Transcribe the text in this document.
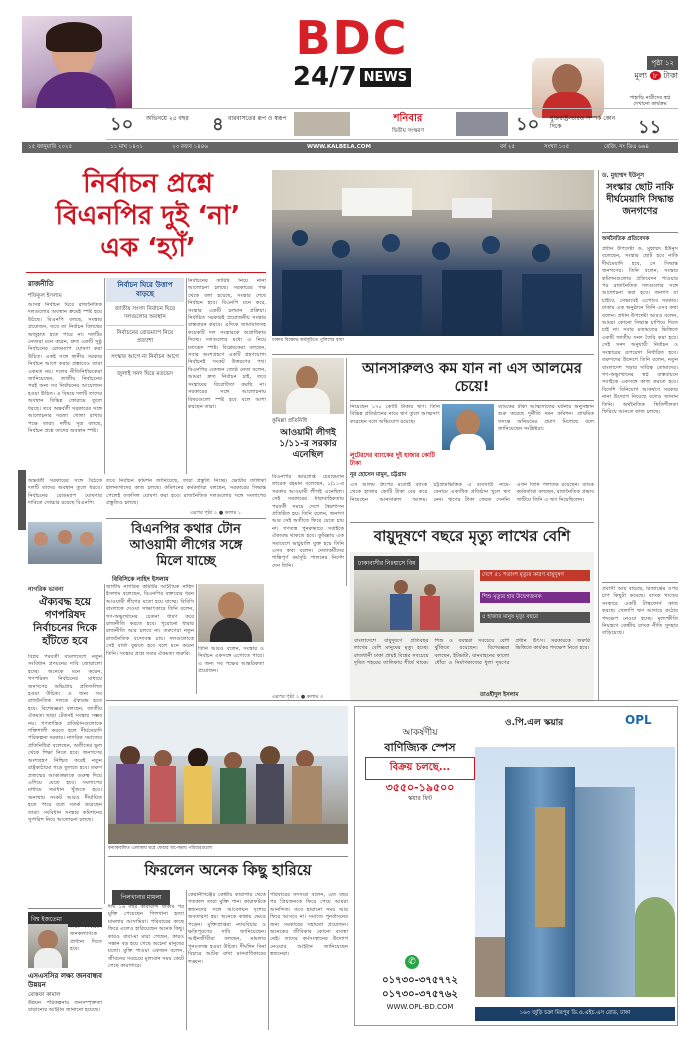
BDC
24/7 NEWS
পৃষ্ঠা ১২
মূল্য ৮ টাকা
১০ অভিনয়ে ২৫ বছর	৪ বারবাসতের রূপ ও স্বরূপ	শনিবার
দ্বিতীয় সংস্করণ	১০ যুক্তরাষ্ট্র-ভারত সম্পর্ক কোন দিকে
পাহাড়ি নারীদের স্বপ্ন দেখানো কার্যক্রম
১১
১৫ জানুয়ারি ২০২৫	১১ মাঘ ১৪৩১	২৩ রজব ১৪৪৬	WWW.KALBELA.COM	বর্ষ ২৫	সংখ্যা ১০৫	রেজি. নং ডিএ ৬৬৪
নির্বাচন প্রশ্নে
বিএনপির দুই ‘না’
এক ‘হ্যাঁ’
রাজনীতি
শফিকুল ইসলাম
আসন্ন নির্বাচন ঘিরে রাজনৈতিক দলগুলোর অবস্থান ক্রমেই স্পষ্ট হয়ে উঠছে। বিএনপি বলছে, সংস্কার প্রয়োজন, তবে তা নির্বাচন বিলম্বের অজুহাত হতে পারে না। দলটির নেতারা মনে করেন, দ্রুত একটি সুষ্ঠু নির্বাচনের রোডম্যাপ ঘোষণা করা উচিত। একই সঙ্গে স্থানীয় সরকার নির্বাচন আগে করার প্রস্তাবেও তারা একমত নয়। দলের নীতিনির্ধারকেরা জানিয়েছেন, জাতীয় নির্বাচনের পরই অন্য সব নির্বাচনের আয়োজন হওয়া উচিত। এ বিষয়ে দলটি তাদের অবস্থান বিভিন্ন ফোরামে তুলে ধরছে। তবে অন্তর্বর্তী সরকারের সঙ্গে আলোচনার দরজা খোলা রাখার পক্ষে তারা। দলীয় সূত্র বলছে, নির্বাচন প্রশ্নে তাদের অবস্থান স্পষ্ট।
নির্বাচন ঘিরে উত্তাপ বাড়ছে
জাতীয় সংসদ নির্বাচন ঘিরে দলগুলোর অবস্থান
নির্বাচনের রোডম্যাপ নিয়ে প্রত্যাশা
সংস্কার আগে না নির্বাচন আগে
জুলাই সনদ ঘিরে মতভেদ
নির্বাচনের তারিখ নিয়ে নানা আলোচনা চলছে। সরকারের পক্ষ থেকে বলা হয়েছে, সংস্কার শেষে নির্বাচন হবে। বিএনপি মনে করে, সংস্কার একটি চলমান প্রক্রিয়া। নির্বাচিত সরকারই প্রয়োজনীয় সংস্কার বাস্তবায়ন করবে। এদিকে জামায়াতসহ কয়েকটি দল সংস্কারকে অগ্রাধিকার দিচ্ছে। দলগুলোর মধ্যে এ নিয়ে মতভেদ স্পষ্ট। বিশ্লেষকেরা বলছেন, সবার অংশগ্রহণে একটি গ্রহণযোগ্য নির্বাচনই সংকট উত্তরণের পথ। বিএনপির একজন জ্যেষ্ঠ নেতা বলেন, আমরা দ্রুত নির্বাচন চাই, তবে সংস্কারের বিরোধিতা করছি না। সরকারের সঙ্গে আলোচনায় বিষয়গুলো স্পষ্ট হবে বলে আশা করছেন তারা।
অন্তর্বর্তী সরকারের সঙ্গে বৈঠকে দলটি তাদের অবস্থান তুলে ধরবে। নির্বাচনের রোডম্যাপ ঘোষণার দাবিতে সোচ্চার রয়েছে বিএনপি।
তবে নির্বাচন কমিশন জানিয়েছে, তারা প্রস্তুতি নিচ্ছে। ভোটার তালিকা হালনাগাদের কাজ চলছে। কমিশনের কর্মকর্তারা বলছেন, সরকারের সিদ্ধান্ত পেলেই তফসিল ঘোষণা করা হবে। রাজনৈতিক দলগুলোর সঙ্গে সংলাপের প্রস্তুতিও চলছে।
এরপর পৃষ্ঠা ২ ● কলাম ১
বিএনপির কথার টোন
আওয়ামী লীগের সঙ্গে
মিলে যাচ্ছে
বিবিসিকে নাহিদ ইসলাম
জাতীয় নাগরিক কমিটির আহ্বায়ক নাহিদ ইসলাম বলেছেন, বিএনপির বক্তব্যের ধরন আওয়ামী লীগের মতো হয়ে যাচ্ছে। বিবিসি বাংলাকে দেওয়া সাক্ষাৎকারে তিনি বলেন, গণ-অভ্যুত্থানের চেতনা ধারণ করে রাজনীতি করতে হবে। পুরোনো ধারার রাজনীতি আর চলবে না। তরুণেরা নতুন রাজনৈতিক বন্দোবস্ত চায়। দলগুলোকে সেই বার্তা বুঝতে হবে বলে মনে করেন তিনি। সংস্কার প্রশ্নে সবার ঐকমত্য জরুরি।
তিনি আরও বলেন, সংস্কার ও নির্বাচন একসঙ্গে এগোতে পারে। এ জন্য সব পক্ষের আন্তরিকতা প্রয়োজন।
নাগরিক ভাবনা
ঐক্যবদ্ধ হয়ে গণপরিষদ নির্বাচনের দিকে হাঁটতে হবে
বিপ্লব পরবর্তী বাংলাদেশে নতুন সংবিধান প্রণয়নের দাবি জোরালো হচ্ছে। অনেকে মনে করেন, গণপরিষদ নির্বাচনের মাধ্যমে জনগণের অভিপ্রায় প্রতিফলিত হওয়া উচিত। এ জন্য সব রাজনৈতিক দলকে ঐক্যবদ্ধ হতে হবে। বিশেষজ্ঞরা বলছেন, জাতীয় ঐকমত্য ছাড়া টেকসই সংস্কার সম্ভব নয়। গণতান্ত্রিক প্রতিষ্ঠানগুলোকে শক্তিশালী করতে হলে দীর্ঘমেয়াদি পরিকল্পনা দরকার। নাগরিক সমাজের প্রতিনিধিরা বলেছেন, অতীতের ভুল থেকে শিক্ষা নিতে হবে। জনগণের অংশগ্রহণ নিশ্চিত করেই নতুন রাষ্ট্রকাঠামো গড়ে তুলতে হবে। তরুণ প্রজন্মের আকাঙ্ক্ষাকে গুরুত্ব দিয়ে এগিয়ে যেতে হবে। সংলাপের মাধ্যমে সমাধান খুঁজতে হবে। অন্যথায় সংকট আরও দীর্ঘায়িত হতে পারে বলে সতর্ক করেছেন তারা। সংবিধান সংস্কার কমিশনের সুপারিশ নিয়ে আলোচনা চলছে।
বিশ্ব ইজতেমা
লক্ষ্য নির্ধারণে জনকল্যাণকে প্রাধান্য দিতে হবে।
এসএসসির লক্ষ্য জনবান্ধব উন্নয়ন
মোস্তফা কামাল
উন্নয়ন পরিকল্পনায় জনসম্পৃক্ততা বাড়ানোর আহ্বান জানানো হয়েছে।
ঢাকায় বিক্ষোভ কর্মসূচিতে পুলিশের বাধা
কুমিল্লা প্রতিনিধি
আওয়ামী লীগই ১/১১-র সরকার এনেছিল
বিএনপির ভারপ্রাপ্ত চেয়ারম্যান তারেক রহমান বলেছেন, ১/১১-র সরকার আওয়ামী লীগই এনেছিল। সেই সরকারের ধারাবাহিকতায় পরবর্তী সময়ে দেশে স্বৈরশাসন প্রতিষ্ঠিত হয়। তিনি বলেন, জনগণ আর সেই অতীতে ফিরে যেতে চায় না। গণতন্ত্র পুনরুদ্ধারে সবাইকে ঐক্যবদ্ধ থাকতে হবে। কুমিল্লায় এক সমাবেশে ভার্চুয়ালি যুক্ত হয়ে তিনি এসব কথা বলেন। নেতাকর্মীদের শান্তিপূর্ণ কর্মসূচি পালনের নির্দেশ দেন তিনি।
আনসারুলও কম যান না এস আলমের চেয়ে!
নিয়েছেন ১৭০ কোটি টাকার ঋণ। তিনি বিভিন্ন প্রতিষ্ঠানের নামে ঋণ তুলে আত্মসাৎ করেছেন বলে অভিযোগ রয়েছে।
ব্যাংকের টাকা আত্মসাতের ঘটনায় অনুসন্ধান শুরু করেছে দুর্নীতি দমন কমিশন। প্রাথমিক তদন্তে অনিয়মের প্রমাণ মিলেছে বলে জানিয়েছেন সংশ্লিষ্টরা।
লুটেরদের ব্যাংকের দুই হাজার কোটি টাকা
নূর হোসেন মামুন, চট্টগ্রাম
এস আলম গ্রুপের মতোই ব্যাংক থেকে হাজার কোটি টাকা বের করে নিয়েছেন আনসারুল আলম। চট্টগ্রামভিত্তিক এ ব্যবসায়ী নামে-বেনামে একাধিক প্রতিষ্ঠান খুলে ঋণ নেন। ঋণের টাকা ফেরত দেননি। এখন তিনি পলাতক রয়েছেন। ব্যাংক কর্মকর্তারা বলছেন, রাজনৈতিক প্রভাব খাটিয়ে তিনি এ ঋণ নিয়েছিলেন।
বায়ুদূষণে বছরে মৃত্যু লাখের বেশি
ঢাকাবাসীর নিঃশ্বাসে বিষ
দেশে ৫১ শতাংশ মৃত্যুর কারণ বায়ুদূষণ
শিশু মৃত্যুর হার উদ্বেগজনক
৫ হাজার মানুষ মৃত্যু বছরে
বাংলাদেশে বায়ুদূষণে প্রতিবছর লাখের বেশি মানুষের মৃত্যু হচ্ছে। রাজধানী ঢাকা প্রায়ই বিশ্বের সবচেয়ে দূষিত শহরের তালিকায় শীর্ষে থাকে। শিশু ও বয়স্করা সবচেয়ে বেশি ঝুঁকিতে রয়েছেন। বিশেষজ্ঞরা বলছেন, ইটভাটা, যানবাহনের কালো ধোঁয়া ও নির্মাণকাজের ধুলা দূষণের প্রধান উৎস। সরকারকে জরুরি ভিত্তিতে কার্যকর পদক্ষেপ নিতে হবে।
তাওহীদুল ইসলাম
এরপর পৃষ্ঠা ২ ● কলাম ৩
ড. মুহাম্মদ ইউনূস
সংস্কার ছোট নাকি দীর্ঘমেয়াদি সিদ্ধান্ত জনগণের
অর্থনৈতিক প্রতিবেদক
প্রধান উপদেষ্টা ড. মুহাম্মদ ইউনূস বলেছেন, সংস্কার ছোট হবে নাকি দীর্ঘমেয়াদি হবে, সে সিদ্ধান্ত জনগণের। তিনি বলেন, সংস্কার কমিশনগুলোর প্রতিবেদন পাওয়ার পর রাজনৈতিক দলগুলোর সঙ্গে আলোচনা করা হবে। জনগণ যা চাইবে, সেভাবেই এগোবে সরকার। ঢাকায় এক অনুষ্ঠানে তিনি এসব কথা বলেন। প্রধান উপদেষ্টা আরও বলেন, আমরা কোনো সিদ্ধান্ত চাপিয়ে দিতে চাই না। সবার মতামতের ভিত্তিতে একটি জাতীয় সনদ তৈরি করা হবে। সেই সনদ অনুযায়ী নির্বাচন ও সংস্কারের রূপরেখা নির্ধারিত হবে। তরুণদের উদ্দেশে তিনি বলেন, নতুন বাংলাদেশ গড়ার দায়িত্ব তোমাদের। গণ-অভ্যুত্থানের স্বপ্ন বাস্তবায়নে সবাইকে একসঙ্গে কাজ করতে হবে। বিদেশি বিনিয়োগ আকর্ষণে সরকার নানা উদ্যোগ নিয়েছে বলেও জানান তিনি। অর্থনৈতিক স্থিতিশীলতা ফিরিয়ে আনতে কাজ চলছে।
প্রবাসী আয় বাড়ছে, রিজার্ভের ওপর চাপ কিছুটা কমেছে। ব্যাংক খাতের সংস্কারে একটি টাস্কফোর্স কাজ করছে। খেলাপি ঋণ আদায়ে কঠোর পদক্ষেপ নেওয়া হচ্ছে। মূল্যস্ফীতি নিয়ন্ত্রণে কেন্দ্রীয় ব্যাংক নীতি সুদহার বাড়িয়েছে।
বন্যাকবলিত এলাকায় ঘরে ফেরার অপেক্ষায় পরিবারগুলো
ফিরলেন অনেক কিছু হারিয়ে
পিলখানার মামলা
দীর্ঘ ১৬ বছর কারাবন্দি থাকার পর মুক্তি পেয়েছেন পিলখানা হত্যা মামলার আসামিরা। পরিবারের কাছে ফিরে এলেও হারিয়েছেন অনেক কিছু। কারও বাবা-মা মারা গেছেন, কারও সন্তান বড় হয়ে গেছে অচেনা মানুষের মতো। মুক্তি পাওয়া একজন বলেন, জীবনের সবচেয়ে মূল্যবান সময় কেটে গেছে কারাগারে।
কেরানীগঞ্জের কেন্দ্রীয় কারাগার থেকে গতকাল তারা মুক্তি পান। কারাফটকে স্বজনদের সঙ্গে আবেগঘন দৃশ্যের অবতারণা হয়। অনেকে কান্নায় ভেঙে পড়েন। মুক্তিপ্রাপ্তরা ন্যায়বিচার ও ক্ষতিপূরণের দাবি জানিয়েছেন। আইনজীবীরা বলছেন, মামলার পুনঃতদন্ত হওয়া উচিত। দীর্ঘদিন বিনা বিচারে আটক রাখা মানবাধিকারের লঙ্ঘন।
পরিবারের সদস্যরা বলেন, এত বছর পর প্রিয়জনকে ফিরে পেয়ে আমরা আনন্দিত। তবে হারানো সময় আর ফিরে আসবে না। সমাজে পুনর্বাসনের জন্য সরকারের সহায়তা প্রয়োজন। অনেকের জীবিকার কোনো ব্যবস্থা নেই। তাদের কর্মসংস্থানের উদ্যোগ নেওয়ার আহ্বান জানিয়েছেন স্বজনেরা।
আকর্ষণীয়
বাণিজ্যিক স্পেস
বিক্রয় চলছে...
৩৫৫০-১৯৫০০
স্কয়ার ফিট
ও.পি.এল স্কয়ার	OPL
✆
০১৭৩০-৩৭৫৭৭২
০১৭৩০-৩৭৫৭৬২
WWW.OPL-BD.COM
১৬৩ জুড়ি চক্রা মিরপুর ডি.ও.এইচ.এস রোড, ঢাকা
